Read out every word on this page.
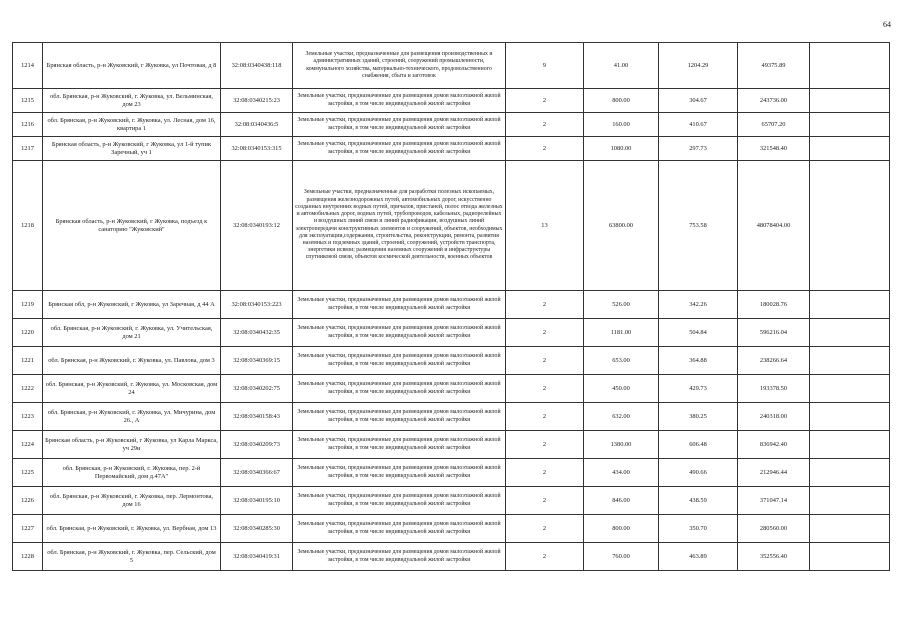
64
1214	Брянская область, р-н Жуковский, г Жуковка, ул Почтовая, д 8	32:08:0340438:118	Земельные участки, предназначенные для размещения производственных и административных зданий, строений, сооружений промышленности, коммунального хозяйства, материально-технического, продовольственного снабжения, сбыта и заготовок	9	41.00	1204.29	49375.89	
1215	обл. Брянская, р-н Жуковский, г. Жуковка, ул. Вельминская, дом 23	32:08:0340215:23	Земельные участки, предназначенные для размещения домов малоэтажной жилой застройки, в том числе индивидуальной жилой застройки	2	800.00	304.67	243736.00	
1216	обл. Брянская, р-н Жуковский, г. Жуковка, ул. Лесная, дом 16, квартира 1	32:08:0340436:5	Земельные участки, предназначенные для размещения домов малоэтажной жилой застройки, в том числе индивидуальной жилой застройки	2	160.00	410.67	65707.20	
1217	Брянская область, р-н Жуковский, г Жуковка, ул 1-й тупик Заречный, уч 1	32:08:0340153:315	Земельные участки, предназначенные для размещения домов малоэтажной жилой застройки, в том числе индивидуальной жилой застройки	2	1080.00	297.73	321548.40	
1218	Брянская область, р-н Жуковский, г Жуковка, подъезд к санаторию "Жуковский"	32:08:0340193:12	Земельные участки, предназначенные для разработки полезных ископаемых, размещения железнодорожных путей, автомобильных дорог, искусственно созданных внутренних водных путей, причалов, пристаней, полос отвода железных и автомобильных дорог, водных путей, трубопроводов, кабельных, радиорелейных и воздушных линий связи и линий радиофикации, воздушных линий электропередачи конструктивных элементов и сооружений, объектов, необходимых для эксплуатации,содержания, строительства, реконструкции, ремонта, развития наземных и подземных зданий, строений, сооружений, устройств транспорта, энергетики исвязи; размещения наземных сооружений и инфраструктуры спутниковой связи, объектов космической деятельности, военных объектов	13	63800.00	753.58	48078404.00	
1219	Брянская обл, р-н Жуковский, г Жуковка, ул Заречная, д 44 А	32:08:0340153:223	Земельные участки, предназначенные для размещения домов малоэтажной жилой застройки, в том числе индивидуальной жилой застройки	2	526.00	342.26	180028.76	
1220	обл. Брянская, р-н Жуковский, г. Жуковка, ул. Учительская, дом 21	32:08:0340432:35	Земельные участки, предназначенные для размещения домов малоэтажной жилой застройки, в том числе индивидуальной жилой застройки	2	1181.00	504.84	596216.04	
1221	обл. Брянская, р-н Жуковский, г. Жуковка, ул. Павлова, дом 3	32:08:0340369:15	Земельные участки, предназначенные для размещения домов малоэтажной жилой застройки, в том числе индивидуальной жилой застройки	2	653.00	364.88	238266.64	
1222	обл. Брянская, р-н Жуковский, г. Жуковка, ул. Московская, дом 24	32:08:0340202:75	Земельные участки, предназначенные для размещения домов малоэтажной жилой застройки, в том числе индивидуальной жилой застройки	2	450.00	429.73	193378.50	
1223	обл. Брянская, р-н Жуковский, г. Жуковка, ул. Мичурина, дом 26., А	32:08:0340158:43	Земельные участки, предназначенные для размещения домов малоэтажной жилой застройки, в том числе индивидуальной жилой застройки	2	632.00	380.25	240318.00	
1224	Брянская область, р-н Жуковский, г Жуковка, ул Карла Маркса, уч 29и	32:08:0340209:73	Земельные участки, предназначенные для размещения домов малоэтажной жилой застройки, в том числе индивидуальной жилой застройки	2	1380.00	606.48	836942.40	
1225	обл. Брянская, р-н Жуковский, г. Жуковка, пер. 2-й Первомайский, дом д.47А"	32:08:0340366:67	Земельные участки, предназначенные для размещения домов малоэтажной жилой застройки, в том числе индивидуальной жилой застройки	2	434.00	490.66	212946.44	
1226	обл. Брянская, р-н Жуковский, г. Жуковка, пер. Лермонтова, дом 16	32:08:0340195:10	Земельные участки, предназначенные для размещения домов малоэтажной жилой застройки, в том числе индивидуальной жилой застройки	2	846.00	438.59	371047.14	
1227	обл. Брянская, р-н Жуковский, г. Жуковка, ул. Вербная, дом 13	32:08:0340285:30	Земельные участки, предназначенные для размещения домов малоэтажной жилой застройки, в том числе индивидуальной жилой застройки	2	800.00	350.70	280560.00	
1228	обл. Брянская, р-н Жуковский, г. Жуковка, пер. Сельский, дом 5	32:08:0340419:31	Земельные участки, предназначенные для размещения домов малоэтажной жилой застройки, в том числе индивидуальной жилой застройки	2	760.00	463.89	352556.40	
